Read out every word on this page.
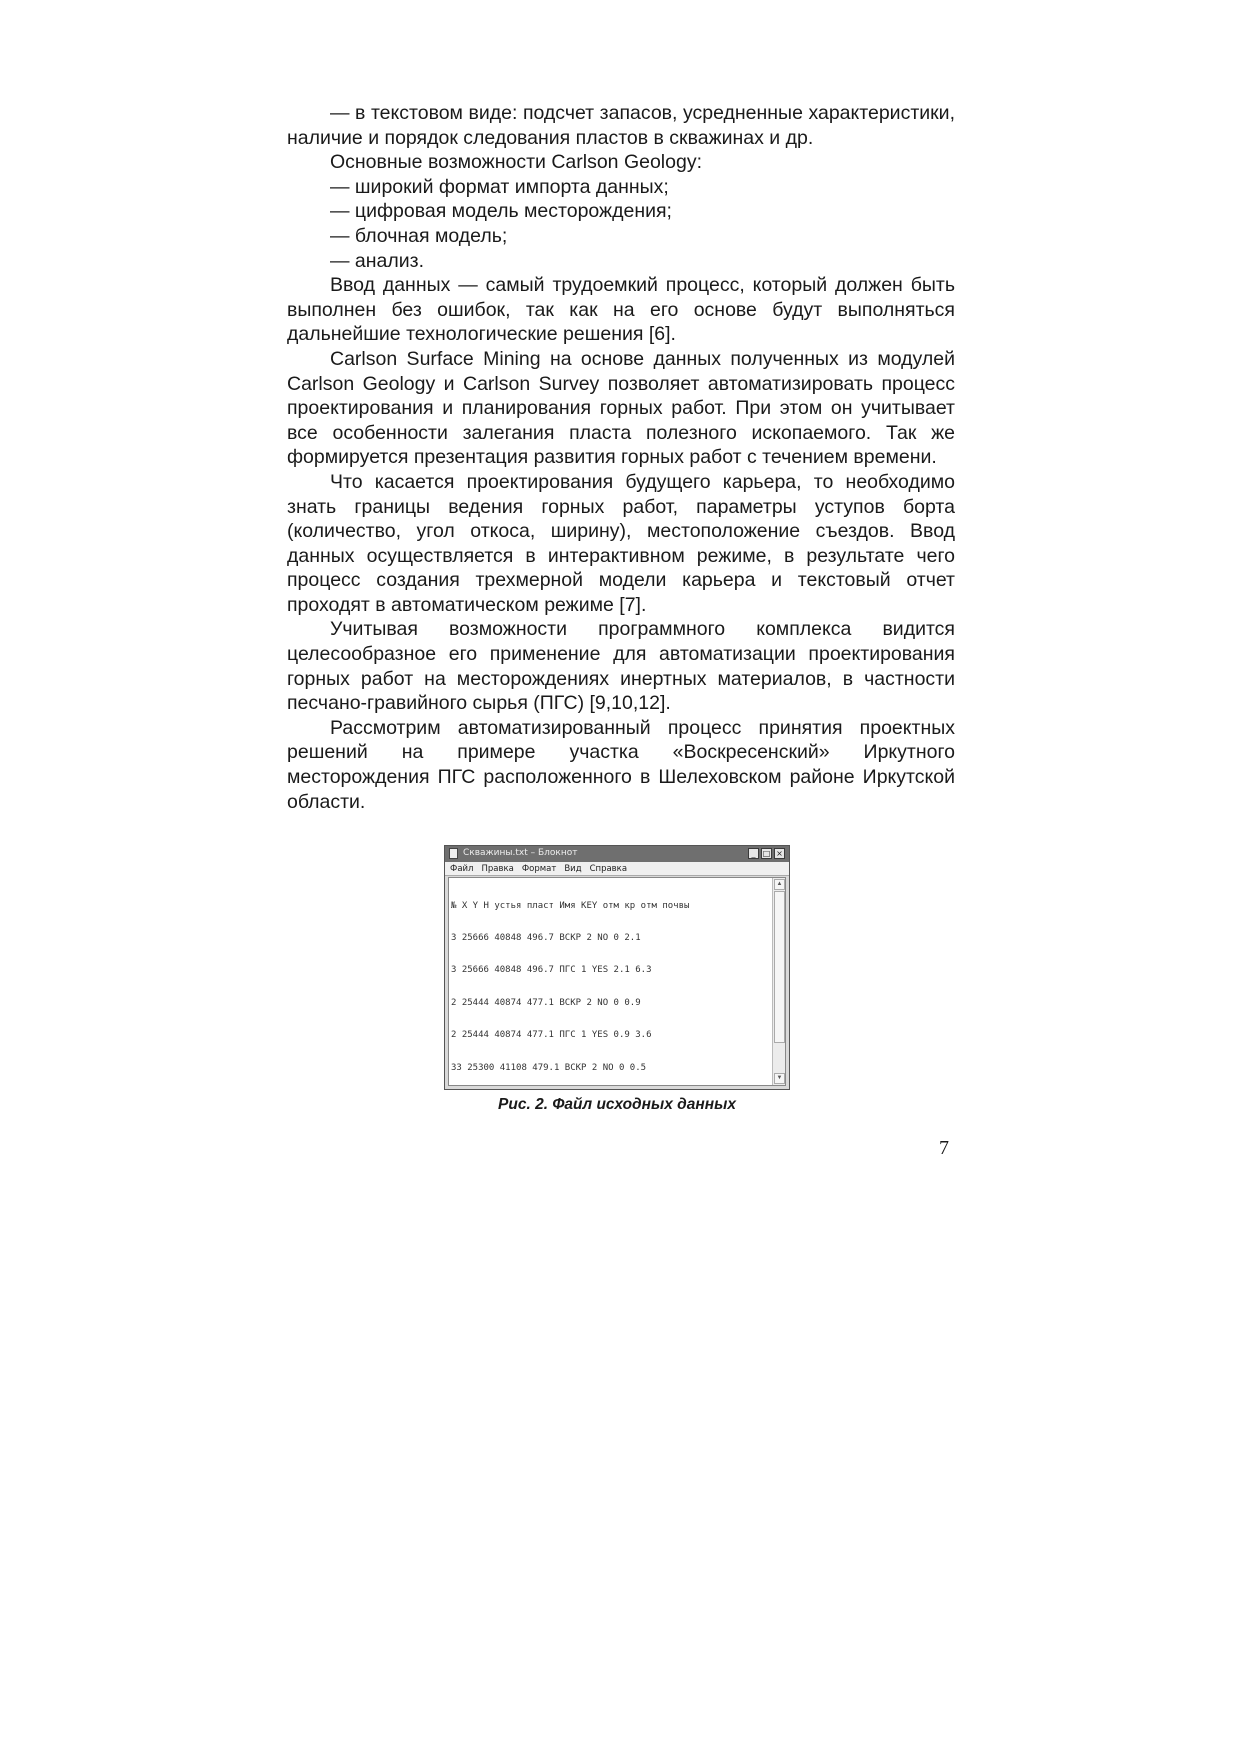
— в текстовом виде: подсчет запасов, усредненные характеристики, наличие и порядок следования пластов в скважинах и др.

Основные возможности Carlson Geology:

— широкий формат импорта данных;

— цифровая модель месторождения;

— блочная модель;

— анализ.

Ввод данных — самый трудоемкий процесс, который должен быть выполнен без ошибок, так как на его основе будут выполняться дальнейшие технологические решения [6].

Carlson Surface Mining на основе данных полученных из модулей Carlson Geology и Carlson Survey позволяет автоматизировать процесс проектирования и планирования горных работ. При этом он учитывает все особенности залегания пласта полезного ископаемого. Так же формируется презентация развития горных работ с течением времени.

Что касается проектирования будущего карьера, то необходимо знать границы ведения горных работ, параметры уступов борта (количество, угол откоса, ширину), местоположение съездов. Ввод данных осуществляется в интерактивном режиме, в результате чего процесс создания трехмерной модели карьера и текстовый отчет проходят в автоматическом режиме [7].

Учитывая возможности программного комплекса видится целесообразное его применение для автоматизации проектирования горных работ на месторождениях инертных материалов, в частности песчано-гравийного сырья (ПГС) [9,10,12].

Рассмотрим автоматизированный процесс принятия проектных решений на примере участка «Воскресенский» Иркутного месторождения ПГС расположенного в Шелеховском районе Иркутской области.

Скважины.txt – Блокнот	_ □ ×
Файл Правка Формат Вид Справка

№ X Y H устья пласт Имя KEY отм кр отм почвы

3 25666 40848 496.7 ВСКР 2 NO 0 2.1

3 25666 40848 496.7 ПГС 1 YES 2.1 6.3

2 25444 40874 477.1 ВСКР 2 NO 0 0.9

2 25444 40874 477.1 ПГС 1 YES 0.9 3.6

33 25300 41108 479.1 ВСКР 2 NO 0 0.5

▲
▼
Рис. 2. Файл исходных данных
7
